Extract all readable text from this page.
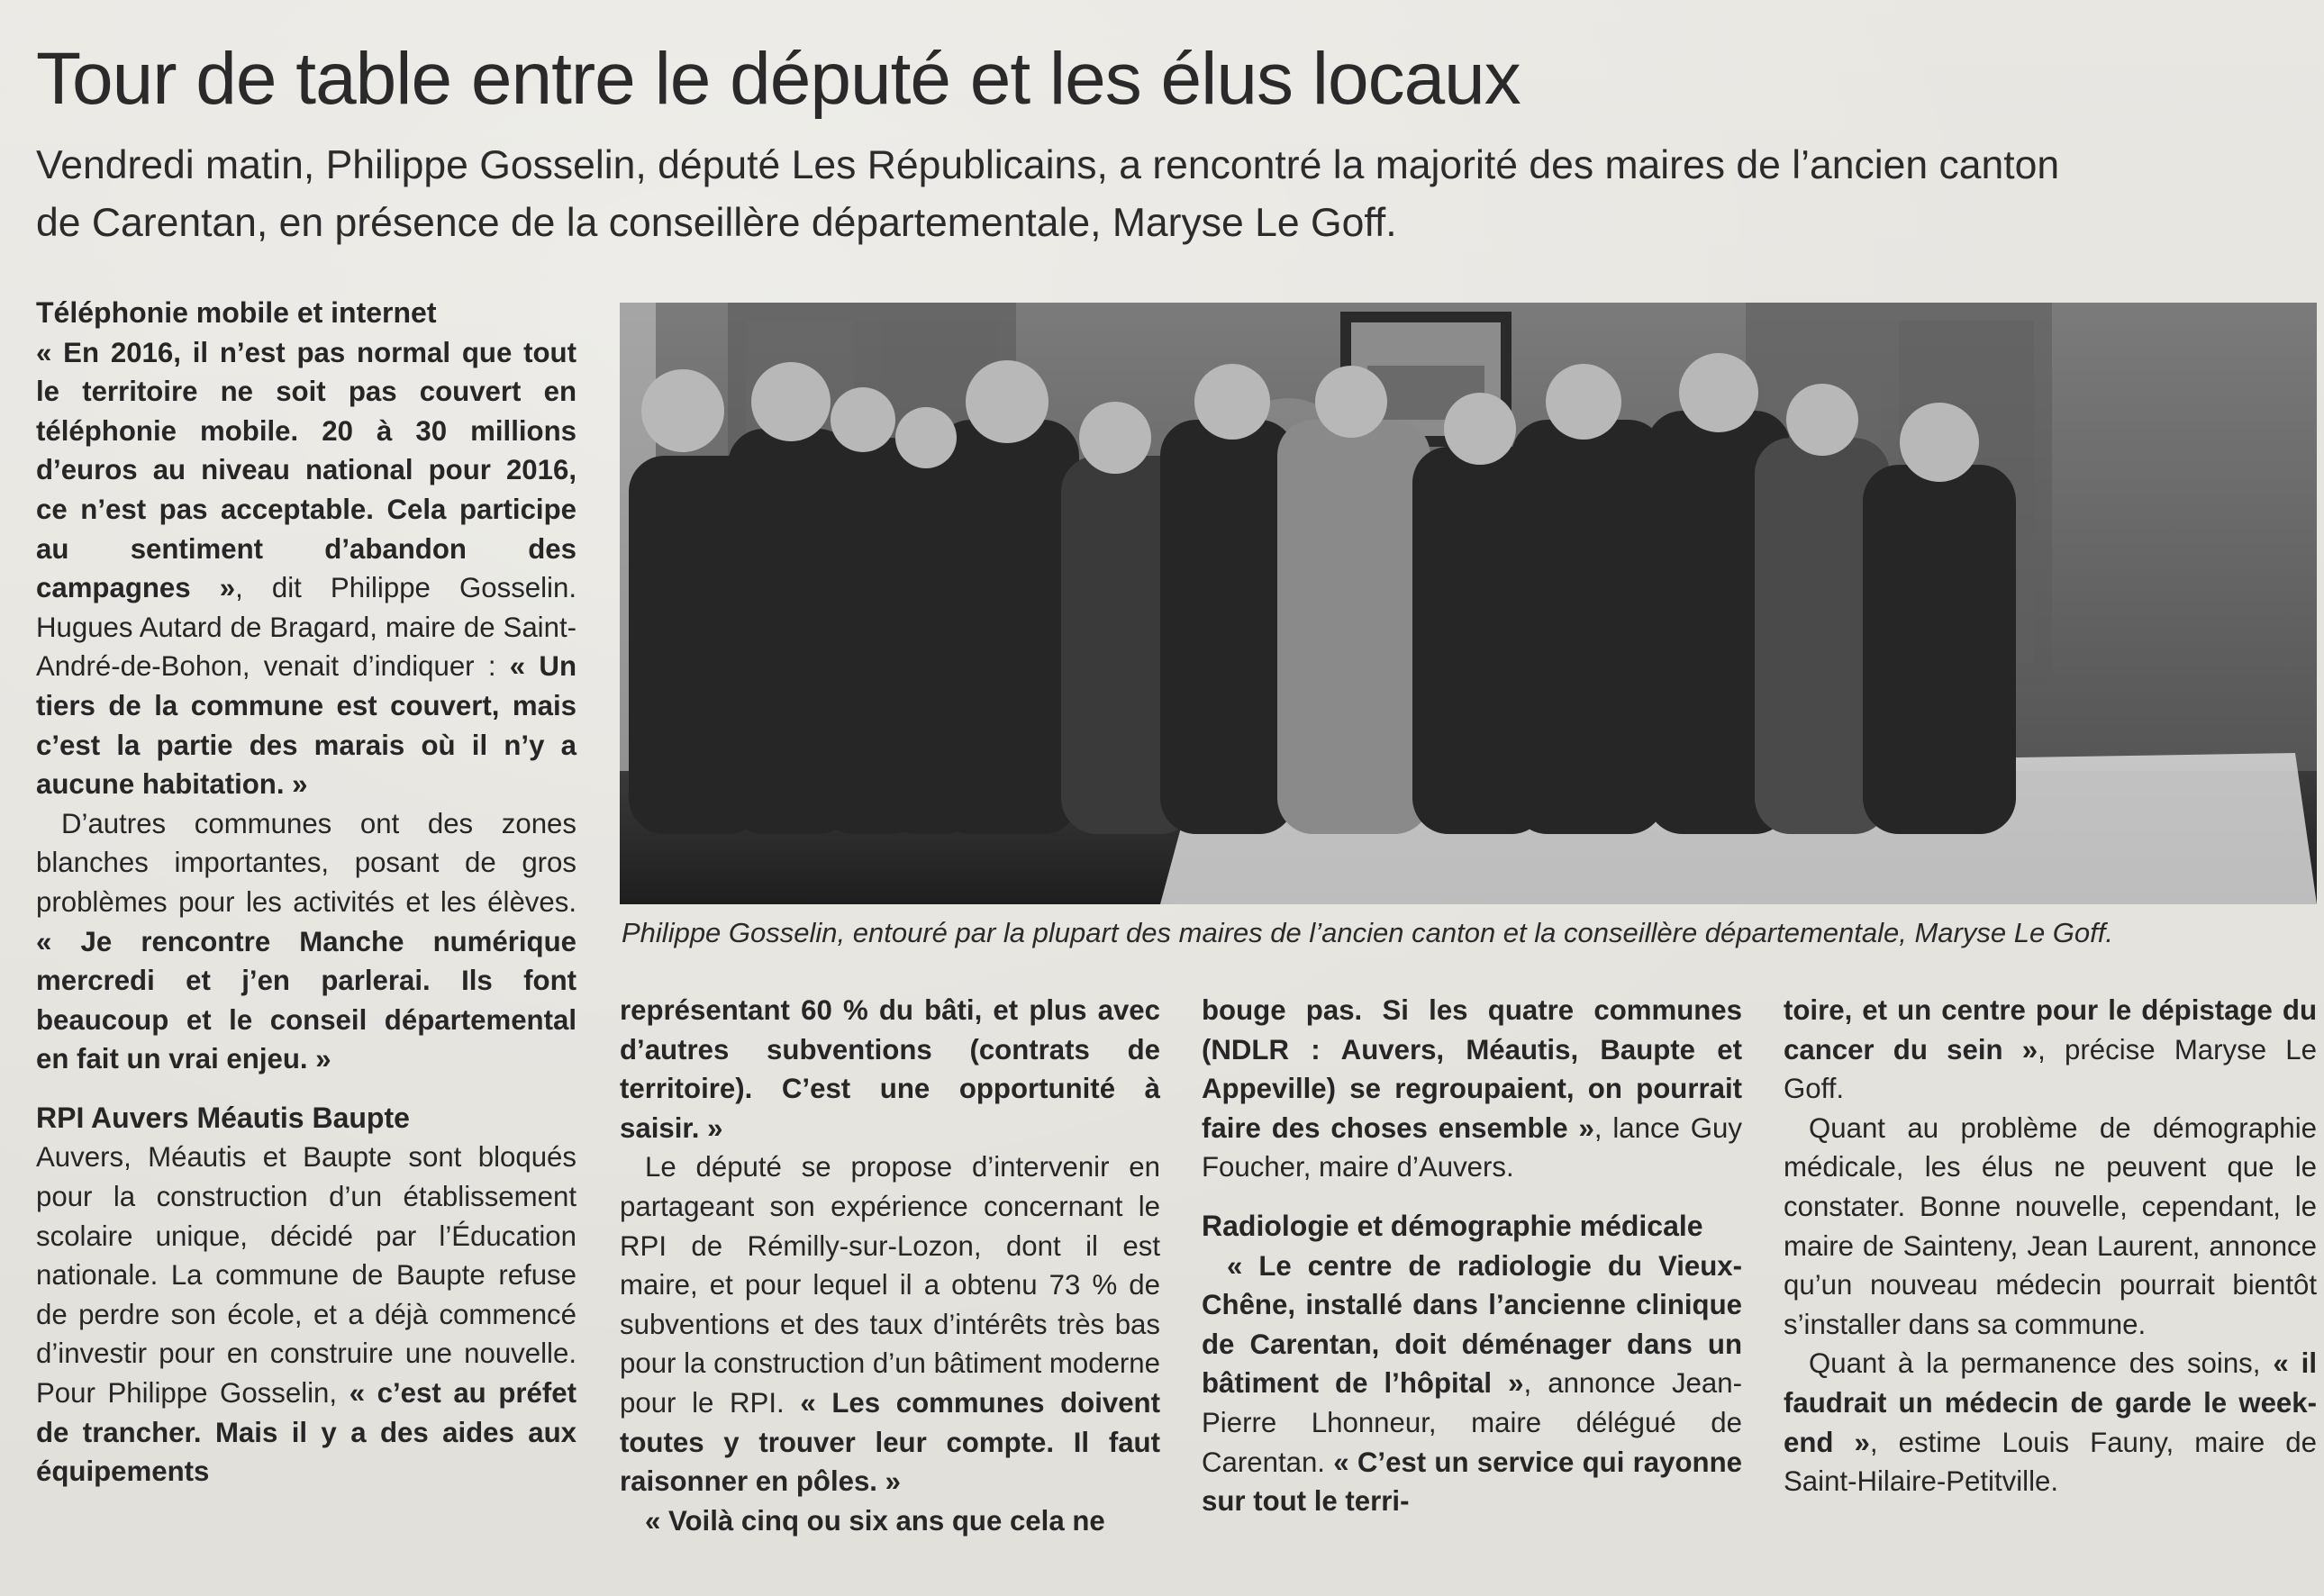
Tour de table entre le député et les élus locaux
Vendredi matin, Philippe Gosselin, député Les Républicains, a rencontré la majorité des maires de l’ancien canton de Carentan, en présence de la conseillère départementale, Maryse Le Goff.
Philippe Gosselin, entouré par la plupart des maires de l’ancien canton et la conseillère départementale, Maryse Le Goff.
Téléphonie mobile et internet

« En 2016, il n’est pas normal que tout le territoire ne soit pas couvert en téléphonie mobile. 20 à 30 millions d’euros au niveau national pour 2016, ce n’est pas acceptable. Cela participe au sentiment d’abandon des campagnes », dit Philippe Gosselin. Hugues Autard de Bragard, maire de Saint-André-de-Bohon, venait d’indiquer : « Un tiers de la commune est couvert, mais c’est la partie des marais où il n’y a aucune habitation. »

D’autres communes ont des zones blanches importantes, posant de gros problèmes pour les activités et les élèves. « Je rencontre Manche numérique mercredi et j’en parlerai. Ils font beaucoup et le conseil départemental en fait un vrai enjeu. »

RPI Auvers Méautis Baupte

Auvers, Méautis et Baupte sont bloqués pour la construction d’un établissement scolaire unique, décidé par l’Éducation nationale. La commune de Baupte refuse de perdre son école, et a déjà commencé d’investir pour en construire une nouvelle. Pour Philippe Gosselin, « c’est au préfet de trancher. Mais il y a des aides aux équipements

représentant 60 % du bâti, et plus avec d’autres subventions (contrats de territoire). C’est une opportunité à saisir. »

Le député se propose d’intervenir en partageant son expérience concernant le RPI de Rémilly-sur-Lozon, dont il est maire, et pour lequel il a obtenu 73 % de subventions et des taux d’intérêts très bas pour la construction d’un bâtiment moderne pour le RPI. « Les communes doivent toutes y trouver leur compte. Il faut raisonner en pôles. »

« Voilà cinq ou six ans que cela ne

bouge pas. Si les quatre communes (NDLR : Auvers, Méautis, Baupte et Appeville) se regroupaient, on pourrait faire des choses ensemble », lance Guy Foucher, maire d’Auvers.

Radiologie et démographie médicale

« Le centre de radiologie du Vieux-Chêne, installé dans l’ancienne clinique de Carentan, doit déménager dans un bâtiment de l’hôpital », annonce Jean-Pierre Lhonneur, maire délégué de Carentan. « C’est un service qui rayonne sur tout le terri-

toire, et un centre pour le dépistage du cancer du sein », précise Maryse Le Goff.

Quant au problème de démographie médicale, les élus ne peuvent que le constater. Bonne nouvelle, cependant, le maire de Sainteny, Jean Laurent, annonce qu’un nouveau médecin pourrait bientôt s’installer dans sa commune.

Quant à la permanence des soins, « il faudrait un médecin de garde le week-end », estime Louis Fauny, maire de Saint-Hilaire-Petitville.
